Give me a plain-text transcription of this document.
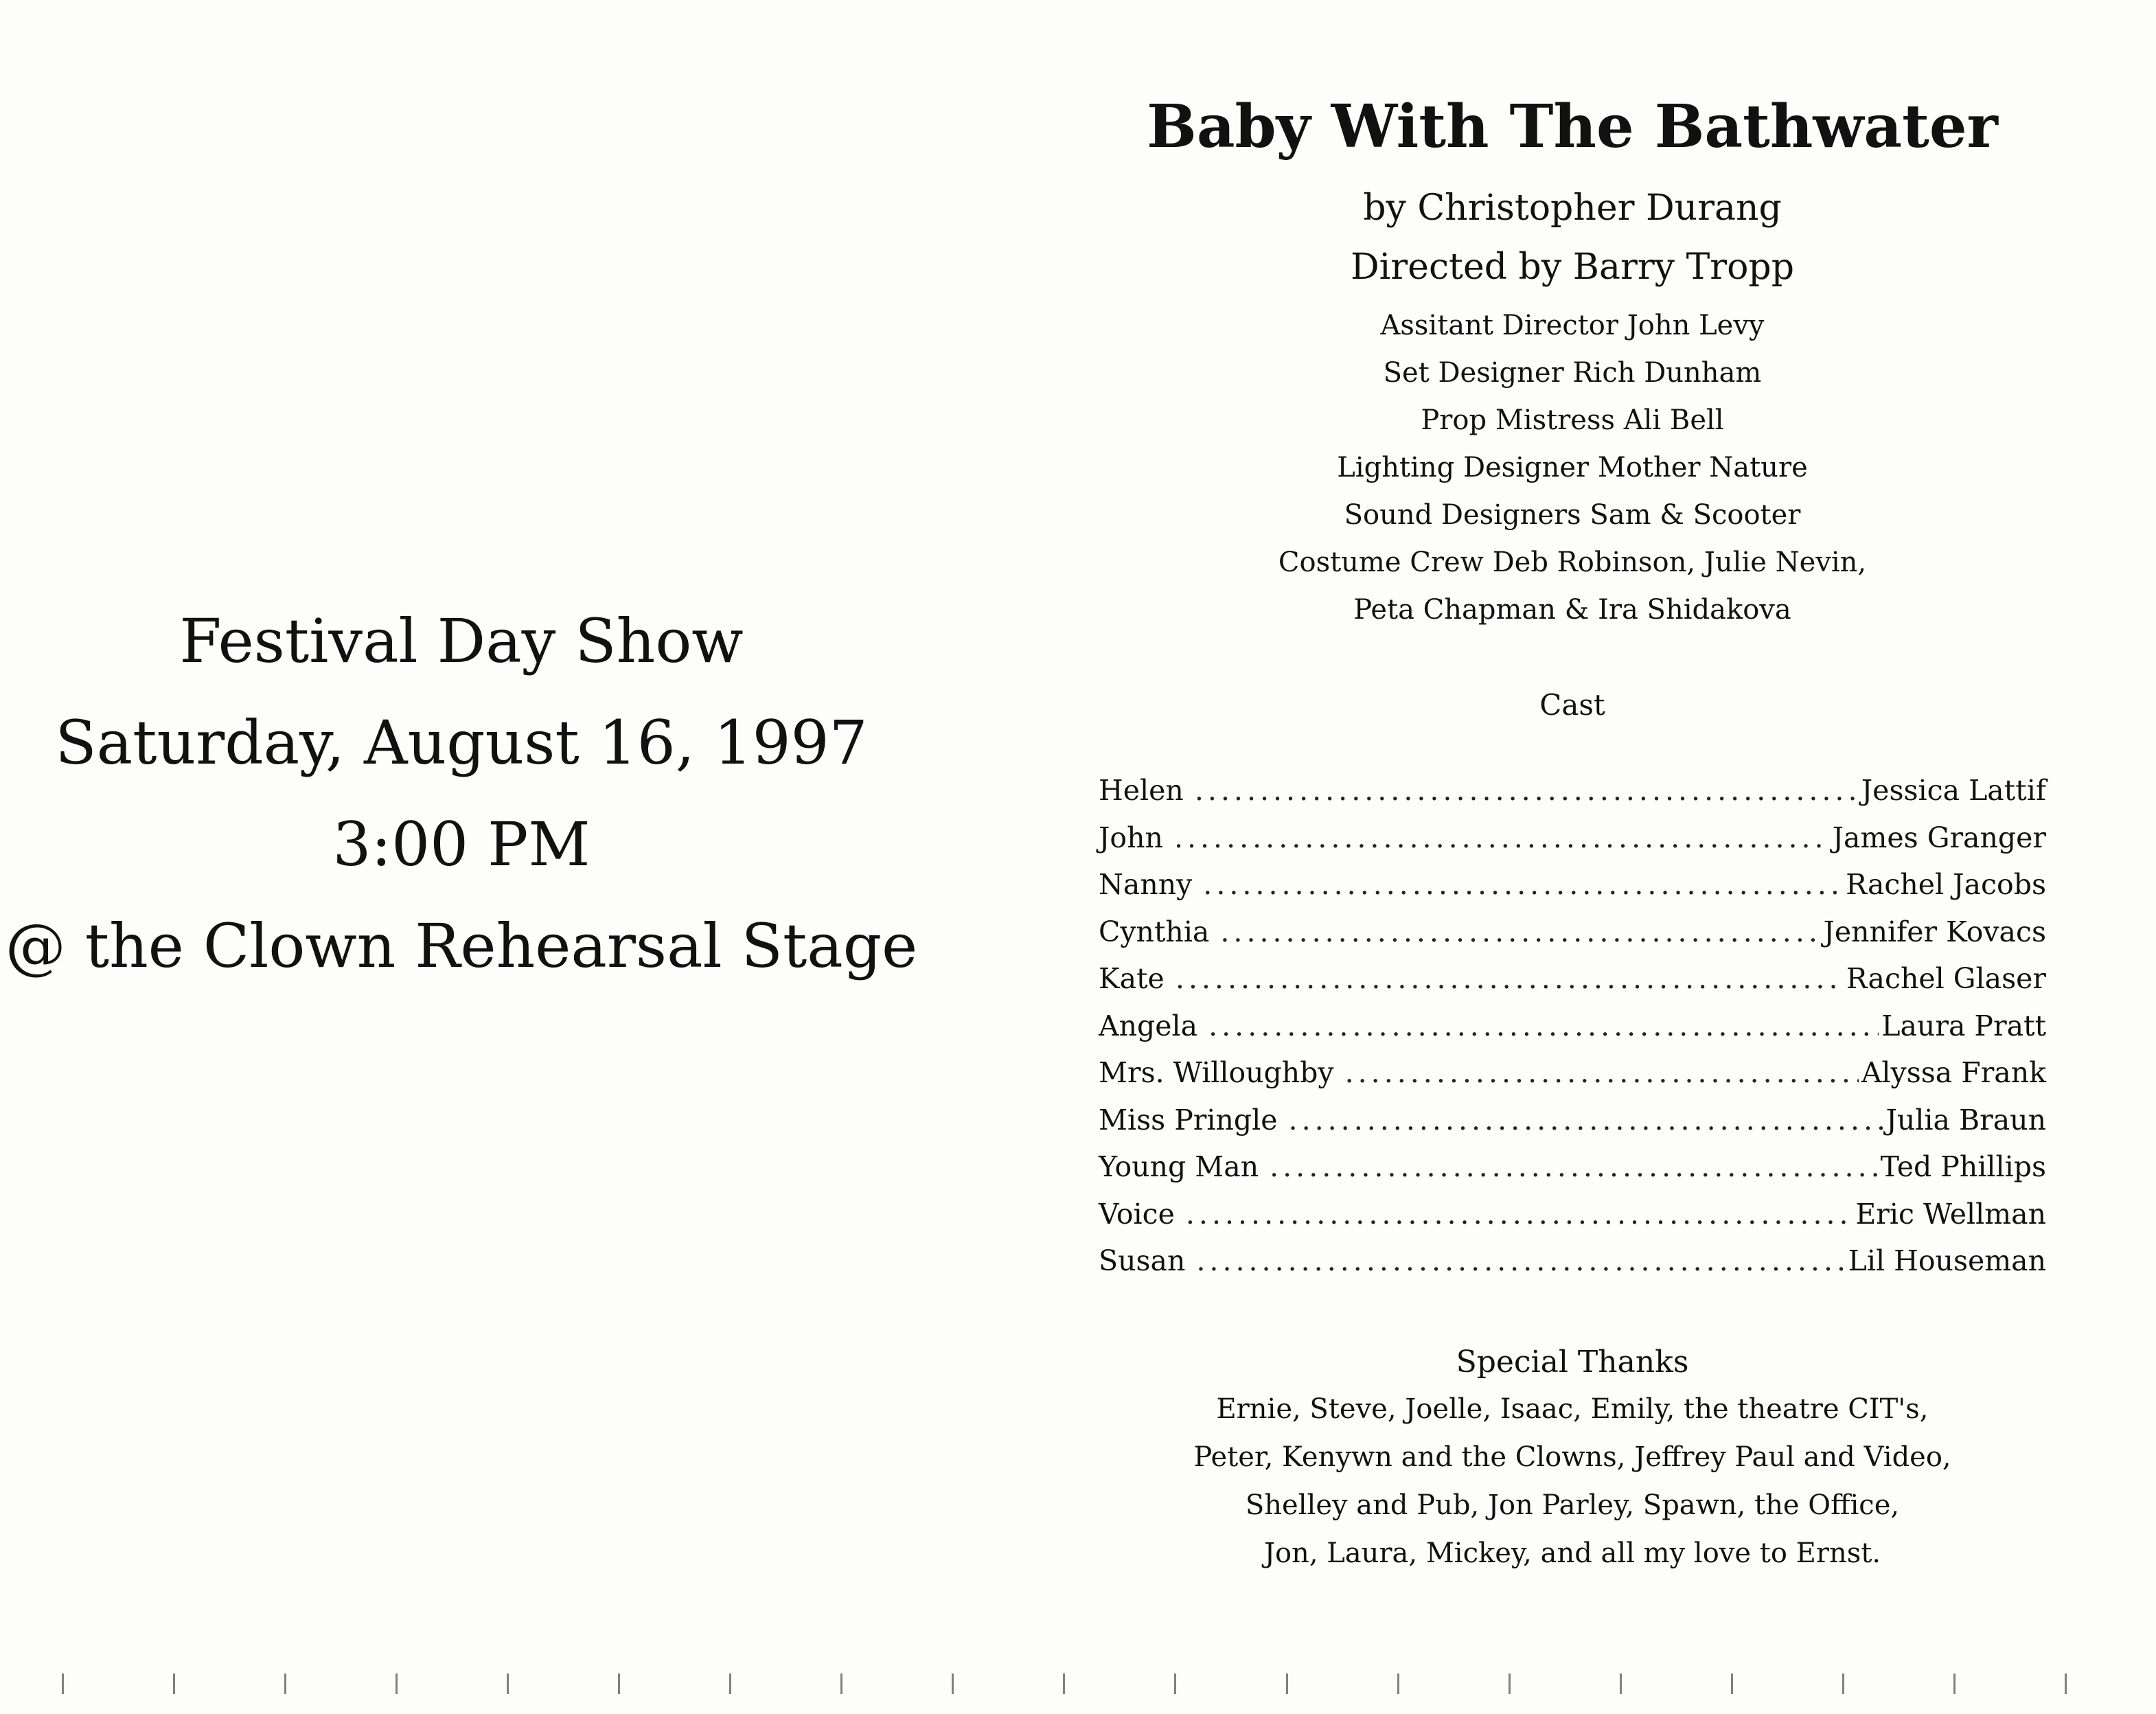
Festival Day Show
Saturday, August 16, 1997
3:00 PM
@ the Clown Rehearsal Stage
Baby With The Bathwater
by Christopher Durang
Directed by Barry Tropp
Assitant Director John Levy
Set Designer Rich Dunham
Prop Mistress Ali Bell
Lighting Designer Mother Nature
Sound Designers Sam & Scooter
Costume Crew Deb Robinson, Julie Nevin,
Peta Chapman & Ira Shidakova
Cast
Helen .....	Jessica Lattif
John .....	James Granger
Nanny .....	Rachel Jacobs
Cynthia .....	Jennifer Kovacs
Kate .....	Rachel Glaser
Angela .....	Laura Pratt
Mrs. Willoughby .....	Alyssa Frank
Miss Pringle .....	Julia Braun
Young Man .....	Ted Phillips
Voice .....	Eric Wellman
Susan .....	Lil Houseman
Special Thanks
Ernie, Steve, Joelle, Isaac, Emily, the theatre CIT's,
Peter, Kenywn and the Clowns, Jeffrey Paul and Video,
Shelley and Pub, Jon Parley, Spawn, the Office,
Jon, Laura, Mickey, and all my love to Ernst.
